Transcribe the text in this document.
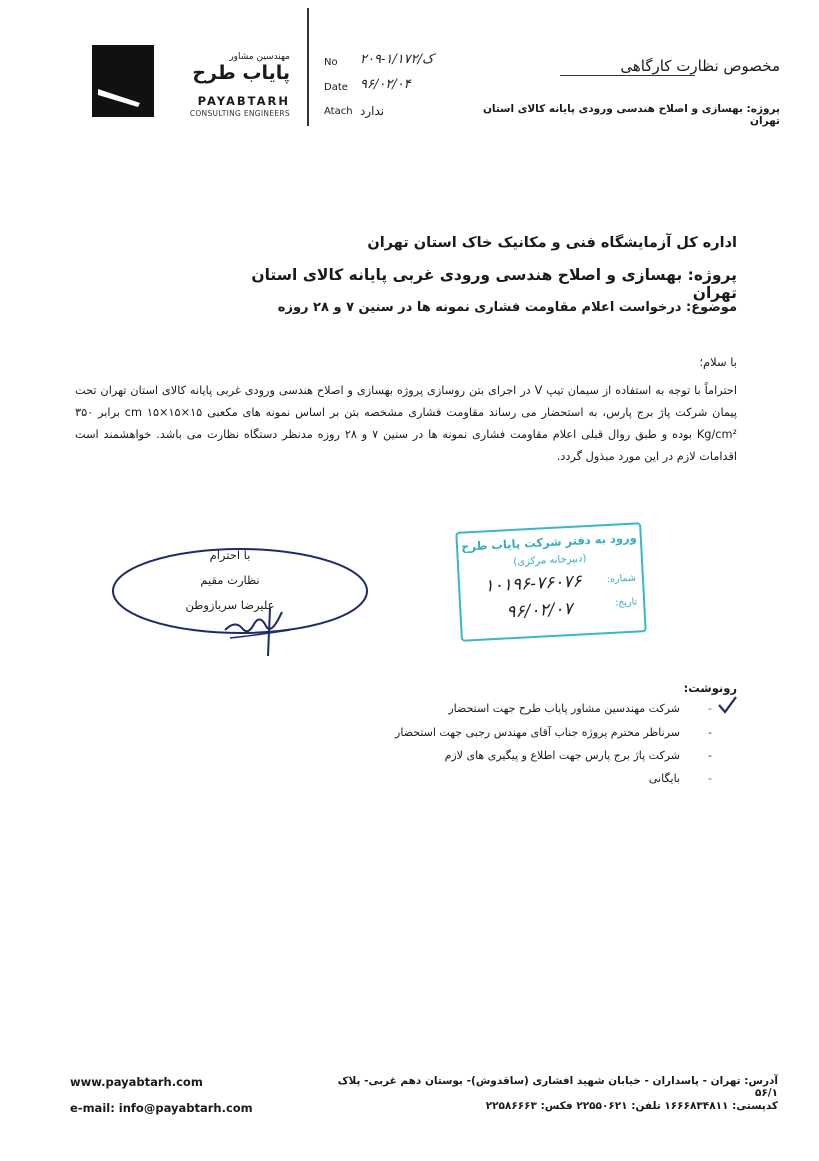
مهندسین مشاور
پایاب طرح
PAYABTARH
CONSULTING ENGINEERS
No	۲۰۹-۱/ک/۱۷۲
Date ۹۶/۰۲/۰۴
Atach ندارد
مخصوص نظارت کارگاهی
پروژه: بهسازی و اصلاح هندسی ورودی پایانه کالای استان تهران
اداره کل آزمایشگاه فنی و مکانیک خاک استان تهران
پروژه: بهسازی و اصلاح هندسی ورودی غربی پایانه کالای استان تهران
موضوع: درخواست اعلام مقاومت فشاری نمونه ها در سنین ۷ و ۲۸ روزه
با سلام؛
احتراماً با توجه به استفاده از سیمان تیپ V در اجرای بتن روسازی پروژه بهسازی و اصلاح هندسی ورودی غربی پایانه کالای استان تهران تحت پیمان شرکت پاژ برج پارس، به استحضار می رساند مقاومت فشاری مشخصه بتن بر اساس نمونه های مکعبی ۱۵×۱۵×۱۵ cm برابر ۳۵۰ Kg/cm² بوده و طبق روال قبلی اعلام مقاومت فشاری نمونه ها در سنین ۷ و ۲۸ روزه مدنظر دستگاه نظارت می باشد. خواهشمند است اقدامات لازم در این مورد مبذول گردد.
با احترام
نظارت مقیم
علیرضا سربازوطن
ورود به دفتر شرکت پایاب طرح
(دبیرخانه مرکزی)
شماره:
تاریخ:
۱۰۱۹۶-۷۶۰۷۶
۹۶/۰۲/۰۷
رونوشت:
-
شرکت مهندسین مشاور پایاب طرح جهت استحضار
-
سرناظر محترم پروژه جناب آقای مهندس رجبی جهت استحضار
-
شرکت پاژ برج پارس جهت اطلاع و پیگیری های لازم
-
بایگانی
www.payabtarh.com
e-mail: info@payabtarh.com
آدرس: تهران - پاسداران - خیابان شهید افشاری (ساقدوش)- بوستان دهم غربی- پلاک ۵۶/۱
کدپستی: ۱۶۶۶۸۳۴۸۱۱ تلفن: ۲۲۵۵۰۶۲۱ فکس: ۲۲۵۸۶۶۶۳
